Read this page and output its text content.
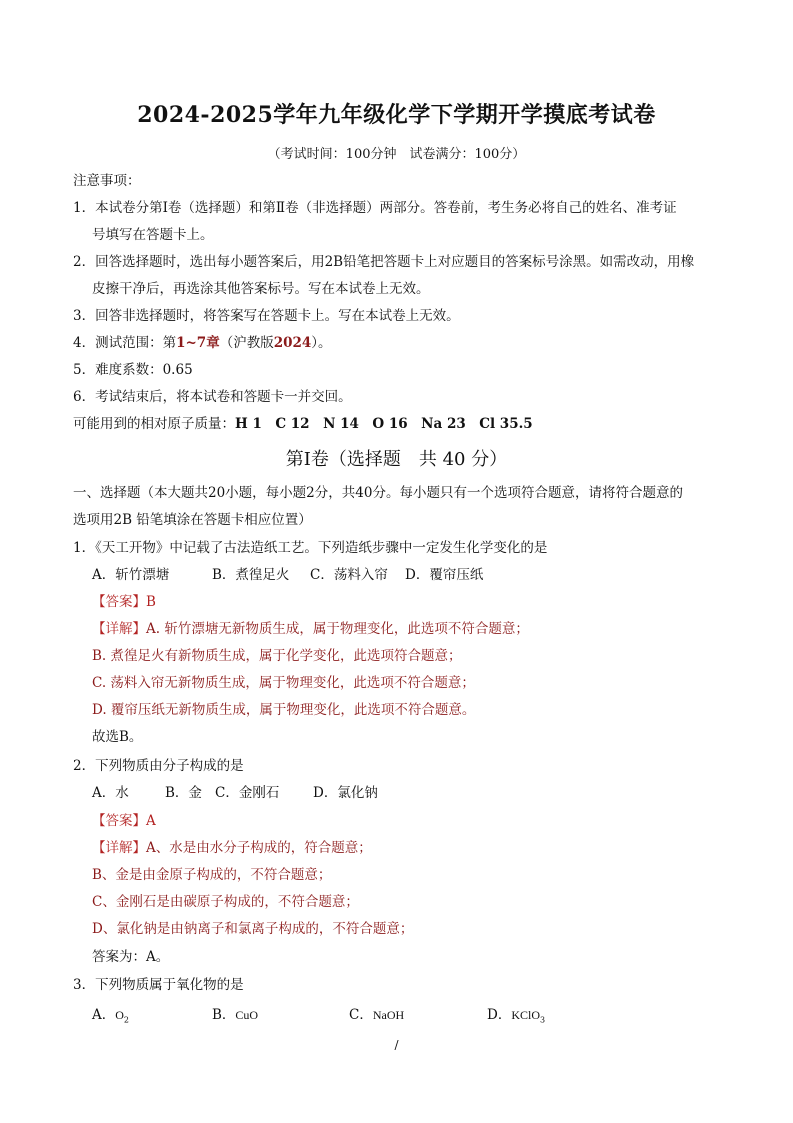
2024-2025学年九年级化学下学期开学摸底考试卷
（考试时间：100分钟　试卷满分：100分）
注意事项：
1．本试卷分第Ⅰ卷（选择题）和第Ⅱ卷（非选择题）两部分。答卷前，考生务必将自己的姓名、准考证
号填写在答题卡上。
2．回答选择题时，选出每小题答案后，用2B铅笔把答题卡上对应题目的答案标号涂黑。如需改动，用橡
皮擦干净后，再选涂其他答案标号。写在本试卷上无效。
3．回答非选择题时，将答案写在答题卡上。写在本试卷上无效。
4．测试范围：第1~7章（沪教版2024）。
5．难度系数：0.65
6．考试结束后，将本试卷和答题卡一并交回。
可能用到的相对原子质量：H 1　C 12　N 14　O 16　Na 23　Cl 35.5
第Ⅰ卷（选择题　共 40 分）
一、选择题（本大题共20小题，每小题2分，共40分。每小题只有一个选项符合题意，请将符合题意的
选项用2B 铅笔填涂在答题卡相应位置）
1．《天工开物》中记载了古法造纸工艺。下列造纸步骤中一定发生化学变化的是
A．斩竹漂塘	B．煮徨足火 C．荡料入帘 D．覆帘压纸
【答案】B
【详解】A. 斩竹漂塘无新物质生成，属于物理变化，此选项不符合题意；
B. 煮徨足火有新物质生成，属于化学变化，此选项符合题意；
C. 荡料入帘无新物质生成，属于物理变化，此选项不符合题意；
D. 覆帘压纸无新物质生成，属于物理变化，此选项不符合题意。
故选B。
2．下列物质由分子构成的是
A．水	B．金 C．金刚石 D．氯化钠
【答案】A
【详解】A、水是由水分子构成的，符合题意；
B、金是由金原子构成的，不符合题意；
C、金刚石是由碳原子构成的，不符合题意；
D、氯化钠是由钠离子和氯离子构成的，不符合题意；
答案为：A。
3．下列物质属于氧化物的是
A．$O_2$	B．CuO	C．NaOH	D．KClO$_3$
/
